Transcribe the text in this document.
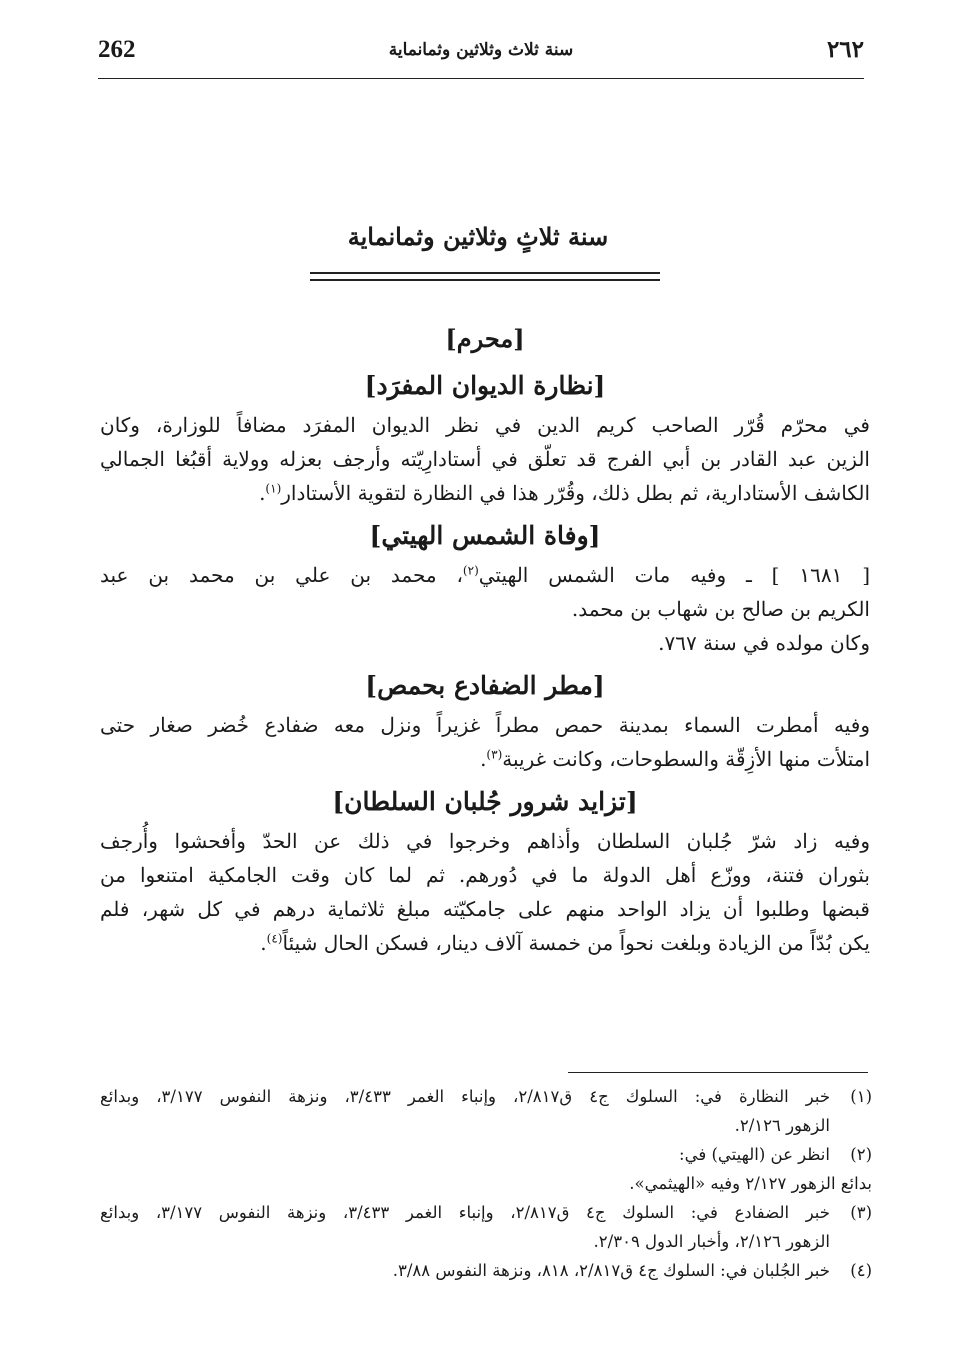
262	سنة ثلاث وثلاثين وثمانماية	٢٦٢
سنة ثلاثٍ وثلاثين وثمانماية
[محرم]
[نظارة الديوان المفرَد]
في محرّم قُرّر الصاحب كريم الدين في نظر الديوان المفرَد مضافاً للوزارة، وكان
الزين عبد القادر بن أبي الفرج قد تعلّق في أستادارِيّته وأرجف بعزله وولاية أقبُغا الجمالي
الكاشف الأستادارية، ثم بطل ذلك، وقُرّر هذا في النظارة لتقوية الأستادار$^{(١)}$.
[وفاة الشمس الهيتي]
[ ١٦٨١ ] ـ وفيه مات الشمس الهيتي$^{(٢)}$، محمد بن علي بن محمد بن عبد
الكريم بن صالح بن شهاب بن محمد.
وكان مولده في سنة ٧٦٧.
[مطر الضفادع بحمص]
وفيه أمطرت السماء بمدينة حمص مطراً غزيراً ونزل معه ضفادع خُضر صغار حتى
امتلأت منها الأزِقّة والسطوحات، وكانت غريبة$^{(٣)}$.
[تزايد شرور جُلبان السلطان]
وفيه زاد شرّ جُلبان السلطان وأذاهم وخرجوا في ذلك عن الحدّ وأفحشوا وأُرجف
بثوران فتنة، ووزّع أهل الدولة ما في دُورهم. ثم لما كان وقت الجامكية امتنعوا من
قبضها وطلبوا أن يزاد الواحد منهم على جامكيّته مبلغ ثلاثماية درهم في كل شهر، فلم
يكن بُدّاً من الزيادة وبلغت نحواً من خمسة آلاف دينار، فسكن الحال شيئاً$^{(٤)}$.
(١)
خبر النظارة في: السلوك ج٤ ق٢/٨١٧، وإنباء الغمر ٣/٤٣٣، ونزهة النفوس ٣/١٧٧، وبدائع
الزهور ٢/١٢٦.
(٢)
انظر عن (الهيتي) في:
بدائع الزهور ٢/١٢٧ وفيه «الهيثمي».
(٣)
خبر الضفادع في: السلوك ج٤ ق٢/٨١٧، وإنباء الغمر ٣/٤٣٣، ونزهة النفوس ٣/١٧٧، وبدائع
الزهور ٢/١٢٦، وأخبار الدول ٢/٣٠٩.
(٤)
خبر الجُلبان في: السلوك ج٤ ق٢/٨١٧، ٨١٨، ونزهة النفوس ٣/٨٨.
